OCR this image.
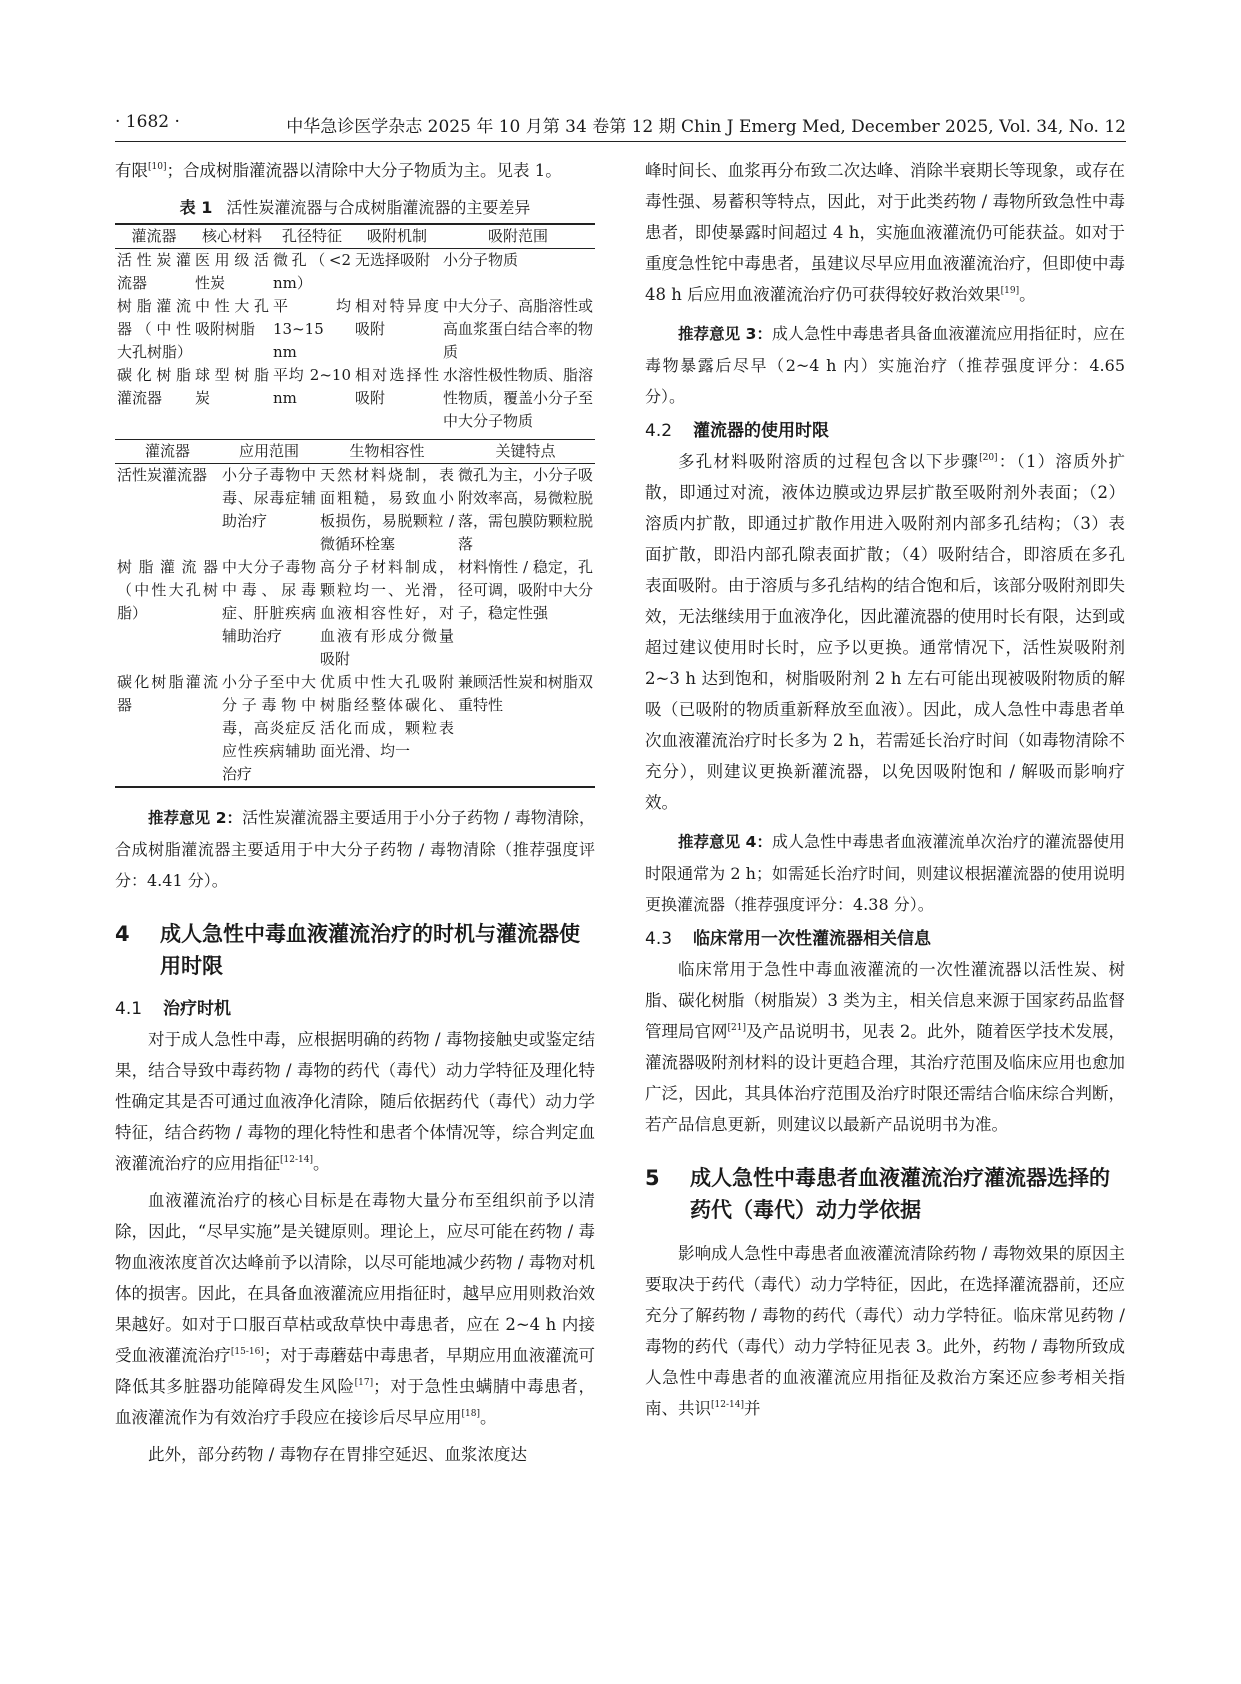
· 1682 ·	中华急诊医学杂志 2025 年 10 月第 34 卷第 12 期 Chin J Emerg Med, December 2025, Vol. 34, No. 12

有限[10]；合成树脂灌流器以清除中大分子物质为主。见表 1。

表 1 活性炭灌流器与合成树脂灌流器的主要差异
灌流器	核心材料	孔径特征	吸附机制	吸附范围
活性炭灌流器	医用级活性炭	微孔（<2 nm）	无选择吸附	小分子物质
树脂灌流器（中性大孔树脂）	中性大孔吸附树脂	平均 13~15 nm	相对特异度吸附	中大分子、高脂溶性或高血浆蛋白结合率的物质
碳化树脂灌流器	球型树脂炭	平均 2~10 nm	相对选择性吸附	水溶性极性物质、脂溶性物质，覆盖小分子至中大分子物质
灌流器	应用范围	生物相容性	关键特点
活性炭灌流器	小分子毒物中毒、尿毒症辅助治疗	天然材料烧制，表面粗糙，易致血小板损伤，易脱颗粒 / 微循环栓塞	微孔为主，小分子吸附效率高，易微粒脱落，需包膜防颗粒脱落
树脂灌流器（中性大孔树脂）	中大分子毒物中毒、尿毒症、肝脏疾病辅助治疗	高分子材料制成，颗粒均一、光滑，血液相容性好，对血液有形成分微量吸附	材料惰性 / 稳定，孔径可调，吸附中大分子，稳定性强
碳化树脂灌流器	小分子至中大分子毒物中毒，高炎症反应性疾病辅助治疗	优质中性大孔吸附树脂经整体碳化、活化而成，颗粒表面光滑、均一	兼顾活性炭和树脂双重特性

推荐意见 2：活性炭灌流器主要适用于小分子药物 / 毒物清除，合成树脂灌流器主要适用于中大分子药物 / 毒物清除（推荐强度评分：4.41 分）。

4	成人急性中毒血液灌流治疗的时机与灌流器使用时限
4.1 治疗时机

对于成人急性中毒，应根据明确的药物 / 毒物接触史或鉴定结果，结合导致中毒药物 / 毒物的药代（毒代）动力学特征及理化特性确定其是否可通过血液净化清除，随后依据药代（毒代）动力学特征，结合药物 / 毒物的理化特性和患者个体情况等，综合判定血液灌流治疗的应用指征[12-14]。

血液灌流治疗的核心目标是在毒物大量分布至组织前予以清除，因此，“尽早实施”是关键原则。理论上，应尽可能在药物 / 毒物血液浓度首次达峰前予以清除，以尽可能地减少药物 / 毒物对机体的损害。因此，在具备血液灌流应用指征时，越早应用则救治效果越好。如对于口服百草枯或敌草快中毒患者，应在 2~4 h 内接受血液灌流治疗[15-16]；对于毒蘑菇中毒患者，早期应用血液灌流可降低其多脏器功能障碍发生风险[17]；对于急性虫螨腈中毒患者，血液灌流作为有效治疗手段应在接诊后尽早应用[18]。

此外，部分药物 / 毒物存在胃排空延迟、血浆浓度达

峰时间长、血浆再分布致二次达峰、消除半衰期长等现象，或存在毒性强、易蓄积等特点，因此，对于此类药物 / 毒物所致急性中毒患者，即使暴露时间超过 4 h，实施血液灌流仍可能获益。如对于重度急性铊中毒患者，虽建议尽早应用血液灌流治疗，但即使中毒 48 h 后应用血液灌流治疗仍可获得较好救治效果[19]。

推荐意见 3：成人急性中毒患者具备血液灌流应用指征时，应在毒物暴露后尽早（2~4 h 内）实施治疗（推荐强度评分：4.65 分）。

4.2 灌流器的使用时限

多孔材料吸附溶质的过程包含以下步骤[20]：（1）溶质外扩散，即通过对流，液体边膜或边界层扩散至吸附剂外表面；（2）溶质内扩散，即通过扩散作用进入吸附剂内部多孔结构；（3）表面扩散，即沿内部孔隙表面扩散；（4）吸附结合，即溶质在多孔表面吸附。由于溶质与多孔结构的结合饱和后，该部分吸附剂即失效，无法继续用于血液净化，因此灌流器的使用时长有限，达到或超过建议使用时长时，应予以更换。通常情况下，活性炭吸附剂 2~3 h 达到饱和，树脂吸附剂 2 h 左右可能出现被吸附物质的解吸（已吸附的物质重新释放至血液）。因此，成人急性中毒患者单次血液灌流治疗时长多为 2 h，若需延长治疗时间（如毒物清除不充分），则建议更换新灌流器，以免因吸附饱和 / 解吸而影响疗效。

推荐意见 4：成人急性中毒患者血液灌流单次治疗的灌流器使用时限通常为 2 h；如需延长治疗时间，则建议根据灌流器的使用说明更换灌流器（推荐强度评分：4.38 分）。

4.3 临床常用一次性灌流器相关信息

临床常用于急性中毒血液灌流的一次性灌流器以活性炭、树脂、碳化树脂（树脂炭）3 类为主，相关信息来源于国家药品监督管理局官网[21]及产品说明书，见表 2。此外，随着医学技术发展，灌流器吸附剂材料的设计更趋合理，其治疗范围及临床应用也愈加广泛，因此，其具体治疗范围及治疗时限还需结合临床综合判断，若产品信息更新，则建议以最新产品说明书为准。

5	成人急性中毒患者血液灌流治疗灌流器选择的药代（毒代）动力学依据

影响成人急性中毒患者血液灌流清除药物 / 毒物效果的原因主要取决于药代（毒代）动力学特征，因此，在选择灌流器前，还应充分了解药物 / 毒物的药代（毒代）动力学特征。临床常见药物 / 毒物的药代（毒代）动力学特征见表 3。此外，药物 / 毒物所致成人急性中毒患者的血液灌流应用指征及救治方案还应参考相关指南、共识[12-14]并
